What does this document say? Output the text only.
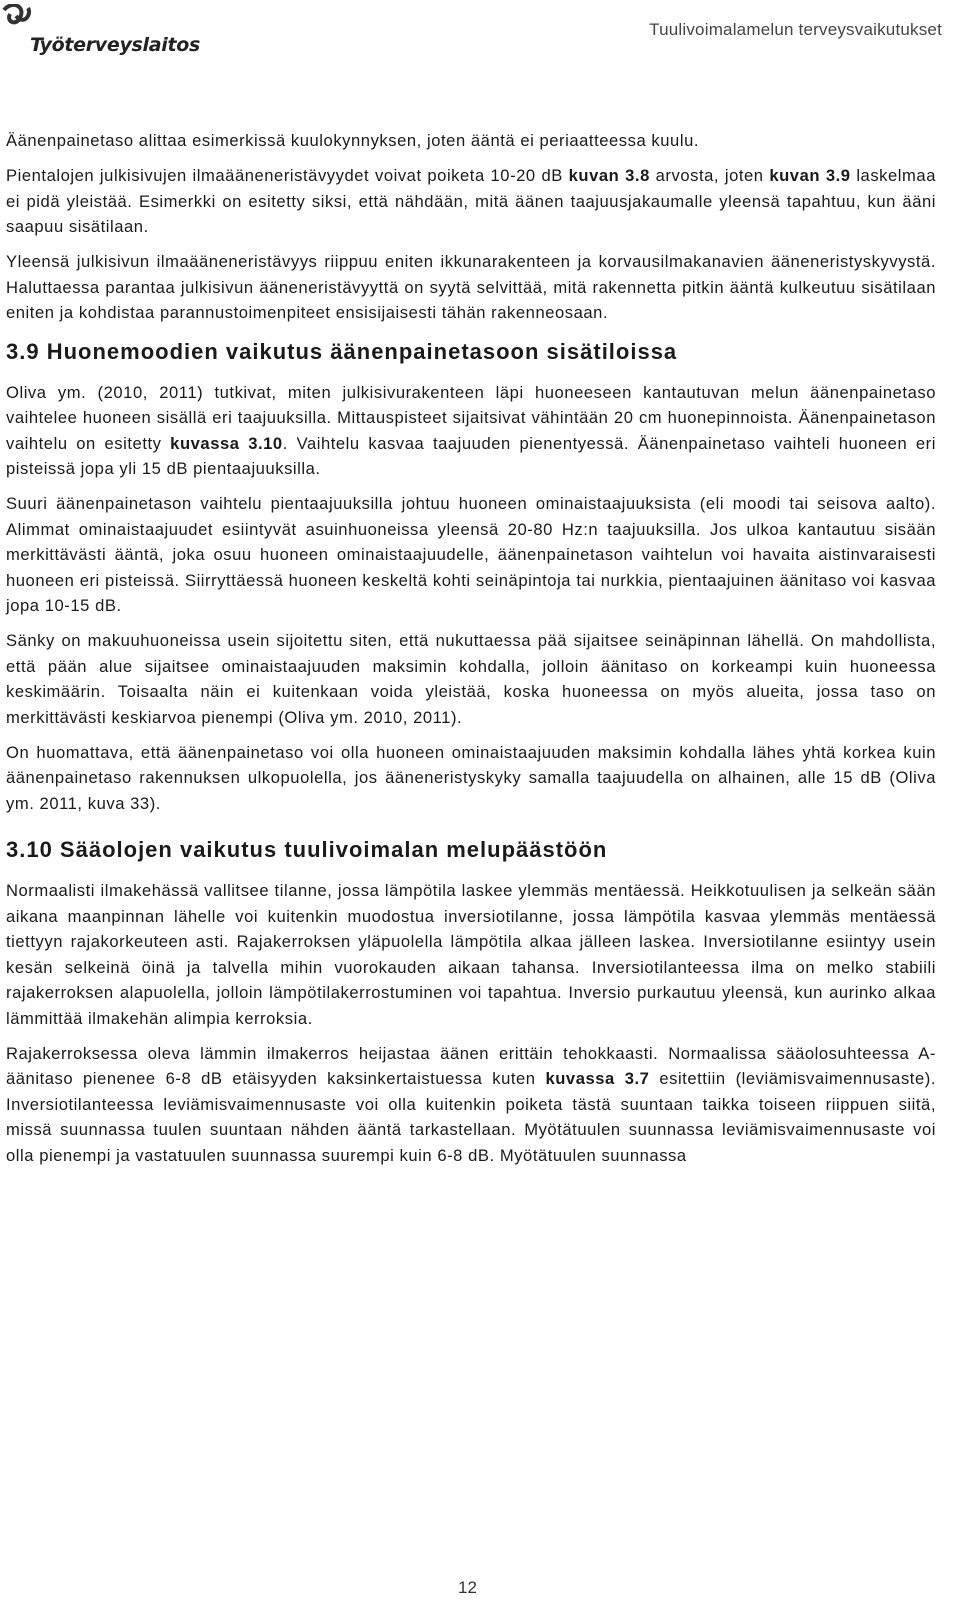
Työterveyslaitos
Tuulivoimalamelun terveysvaikutukset

Äänenpainetaso alittaa esimerkissä kuulokynnyksen, joten ääntä ei periaatteessa kuulu.

Pientalojen julkisivujen ilmaääneneristävyydet voivat poiketa 10-20 dB kuvan 3.8 arvosta, joten kuvan 3.9 laskelmaa ei pidä yleistää. Esimerkki on esitetty siksi, että nähdään, mitä äänen taajuusjakaumalle yleensä tapahtuu, kun ääni saapuu sisätilaan.

Yleensä julkisivun ilmaääneneristävyys riippuu eniten ikkunarakenteen ja korvausilmakanavien ääneneristyskyvystä. Haluttaessa parantaa julkisivun ääneneristävyyttä on syytä selvittää, mitä rakennetta pitkin ääntä kulkeutuu sisätilaan eniten ja kohdistaa parannustoimenpiteet ensisijaisesti tähän rakenneosaan.

3.9 Huonemoodien vaikutus äänenpainetasoon sisätiloissa

Oliva ym. (2010, 2011) tutkivat, miten julkisivurakenteen läpi huoneeseen kantautuvan melun äänenpainetaso vaihtelee huoneen sisällä eri taajuuksilla. Mittauspisteet sijaitsivat vähintään 20 cm huonepinnoista. Äänenpainetason vaihtelu on esitetty kuvassa 3.10. Vaihtelu kasvaa taajuuden pienentyessä. Äänenpainetaso vaihteli huoneen eri pisteissä jopa yli 15 dB pientaajuuksilla.

Suuri äänenpainetason vaihtelu pientaajuuksilla johtuu huoneen ominaistaajuuksista (eli moodi tai seisova aalto). Alimmat ominaistaajuudet esiintyvät asuinhuoneissa yleensä 20-80 Hz:n taajuuksilla. Jos ulkoa kantautuu sisään merkittävästi ääntä, joka osuu huoneen ominaistaajuudelle, äänenpainetason vaihtelun voi havaita aistinvaraisesti huoneen eri pisteissä. Siirryttäessä huoneen keskeltä kohti seinäpintoja tai nurkkia, pientaajuinen äänitaso voi kasvaa jopa 10-15 dB.

Sänky on makuuhuoneissa usein sijoitettu siten, että nukuttaessa pää sijaitsee seinäpinnan lähellä. On mahdollista, että pään alue sijaitsee ominaistaajuuden maksimin kohdalla, jolloin äänitaso on korkeampi kuin huoneessa keskimäärin. Toisaalta näin ei kuitenkaan voida yleistää, koska huoneessa on myös alueita, jossa taso on merkittävästi keskiarvoa pienempi (Oliva ym. 2010, 2011).

On huomattava, että äänenpainetaso voi olla huoneen ominaistaajuuden maksimin kohdalla lähes yhtä korkea kuin äänenpainetaso rakennuksen ulkopuolella, jos ääneneristyskyky samalla taajuudella on alhainen, alle 15 dB (Oliva ym. 2011, kuva 33).

3.10 Sääolojen vaikutus tuulivoimalan melupäästöön

Normaalisti ilmakehässä vallitsee tilanne, jossa lämpötila laskee ylemmäs mentäessä. Heikkotuulisen ja selkeän sään aikana maanpinnan lähelle voi kuitenkin muodostua inversiotilanne, jossa lämpötila kasvaa ylemmäs mentäessä tiettyyn rajakorkeuteen asti. Rajakerroksen yläpuolella lämpötila alkaa jälleen laskea. Inversiotilanne esiintyy usein kesän selkeinä öinä ja talvella mihin vuorokauden aikaan tahansa. Inversiotilanteessa ilma on melko stabiili rajakerroksen alapuolella, jolloin lämpötilakerrostuminen voi tapahtua. Inversio purkautuu yleensä, kun aurinko alkaa lämmittää ilmakehän alimpia kerroksia.

Rajakerroksessa oleva lämmin ilmakerros heijastaa äänen erittäin tehokkaasti. Normaalissa sääolosuhteessa A-äänitaso pienenee 6-8 dB etäisyyden kaksinkertaistuessa kuten kuvassa 3.7 esitettiin (leviämisvaimennusaste). Inversiotilanteessa leviämisvaimennusaste voi olla kuitenkin poiketa tästä suuntaan taikka toiseen riippuen siitä, missä suunnassa tuulen suuntaan nähden ääntä tarkastellaan. Myötätuulen suunnassa leviämisvaimennusaste voi olla pienempi ja vastatuulen suunnassa suurempi kuin 6-8 dB. Myötätuulen suunnassa

12
